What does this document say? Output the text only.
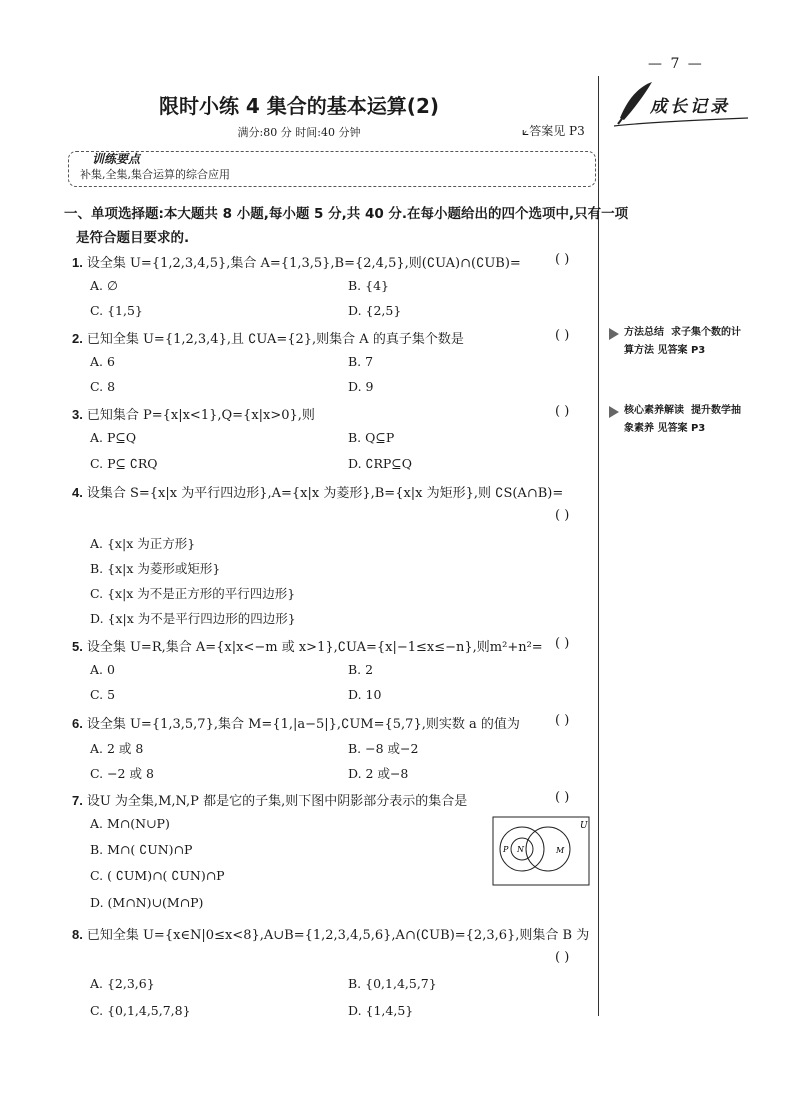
— 7 —
成长记录
限时小练 4 集合的基本运算(2)
满分:80 分 时间:40 分钟	⟀答案见 P3
训练要点
补集,全集,集合运算的综合应用
一、单项选择题:本大题共 8 小题,每小题 5 分,共 40 分.在每小题给出的四个选项中,只有一项
是符合题目要求的.
1. 设全集 U={1,2,3,4,5},集合 A={1,3,5},B={2,4,5},则(∁UA)∩(∁UB)=	( )
A. ∅	B. {4}
C. {1,5}	D. {2,5}
2. 已知全集 U={1,2,3,4},且 ∁UA={2},则集合 A 的真子集个数是	( )
A. 6	B. 7
C. 8	D. 9
3. 已知集合 P={x|x<1},Q={x|x>0},则	( )
A. P⊆Q	B. Q⊆P
C. P⊆ ∁RQ	D. ∁RP⊆Q
4. 设集合 S={x|x 为平行四边形},A={x|x 为菱形},B={x|x 为矩形},则 ∁S(A∩B)=
( )
A. {x|x 为正方形}
B. {x|x 为菱形或矩形}
C. {x|x 为不是正方形的平行四边形}
D. {x|x 为不是平行四边形的四边形}
5. 设全集 U=R,集合 A={x|x<−m 或 x>1},∁UA={x|−1≤x≤−n},则m²+n²= ( )
A. 0	B. 2
C. 5	D. 10
6. 设全集 U={1,3,5,7},集合 M={1,|a−5|},∁UM={5,7},则实数 a 的值为	( )
A. 2 或 8	B. −8 或−2
C. −2 或 8	D. 2 或−8
7. 设U 为全集,M,N,P 都是它的子集,则下图中阴影部分表示的集合是	( )
A. M∩(N∪P)
B. M∩( ∁UN)∩P
C. ( ∁UM)∩( ∁UN)∩P
D. (M∩N)∪(M∩P)
U
P N	M
8. 已知全集 U={x∈N|0≤x<8},A∪B={1,2,3,4,5,6},A∩(∁UB)={2,3,6},则集合 B 为
( )
A. {2,3,6}	B. {0,1,4,5,7}
C. {0,1,4,5,7,8}	D. {1,4,5}
方法总结 求子集个数的计
算方法 见答案 P3
核心素养解读 提升数学抽
象素养 见答案 P3
